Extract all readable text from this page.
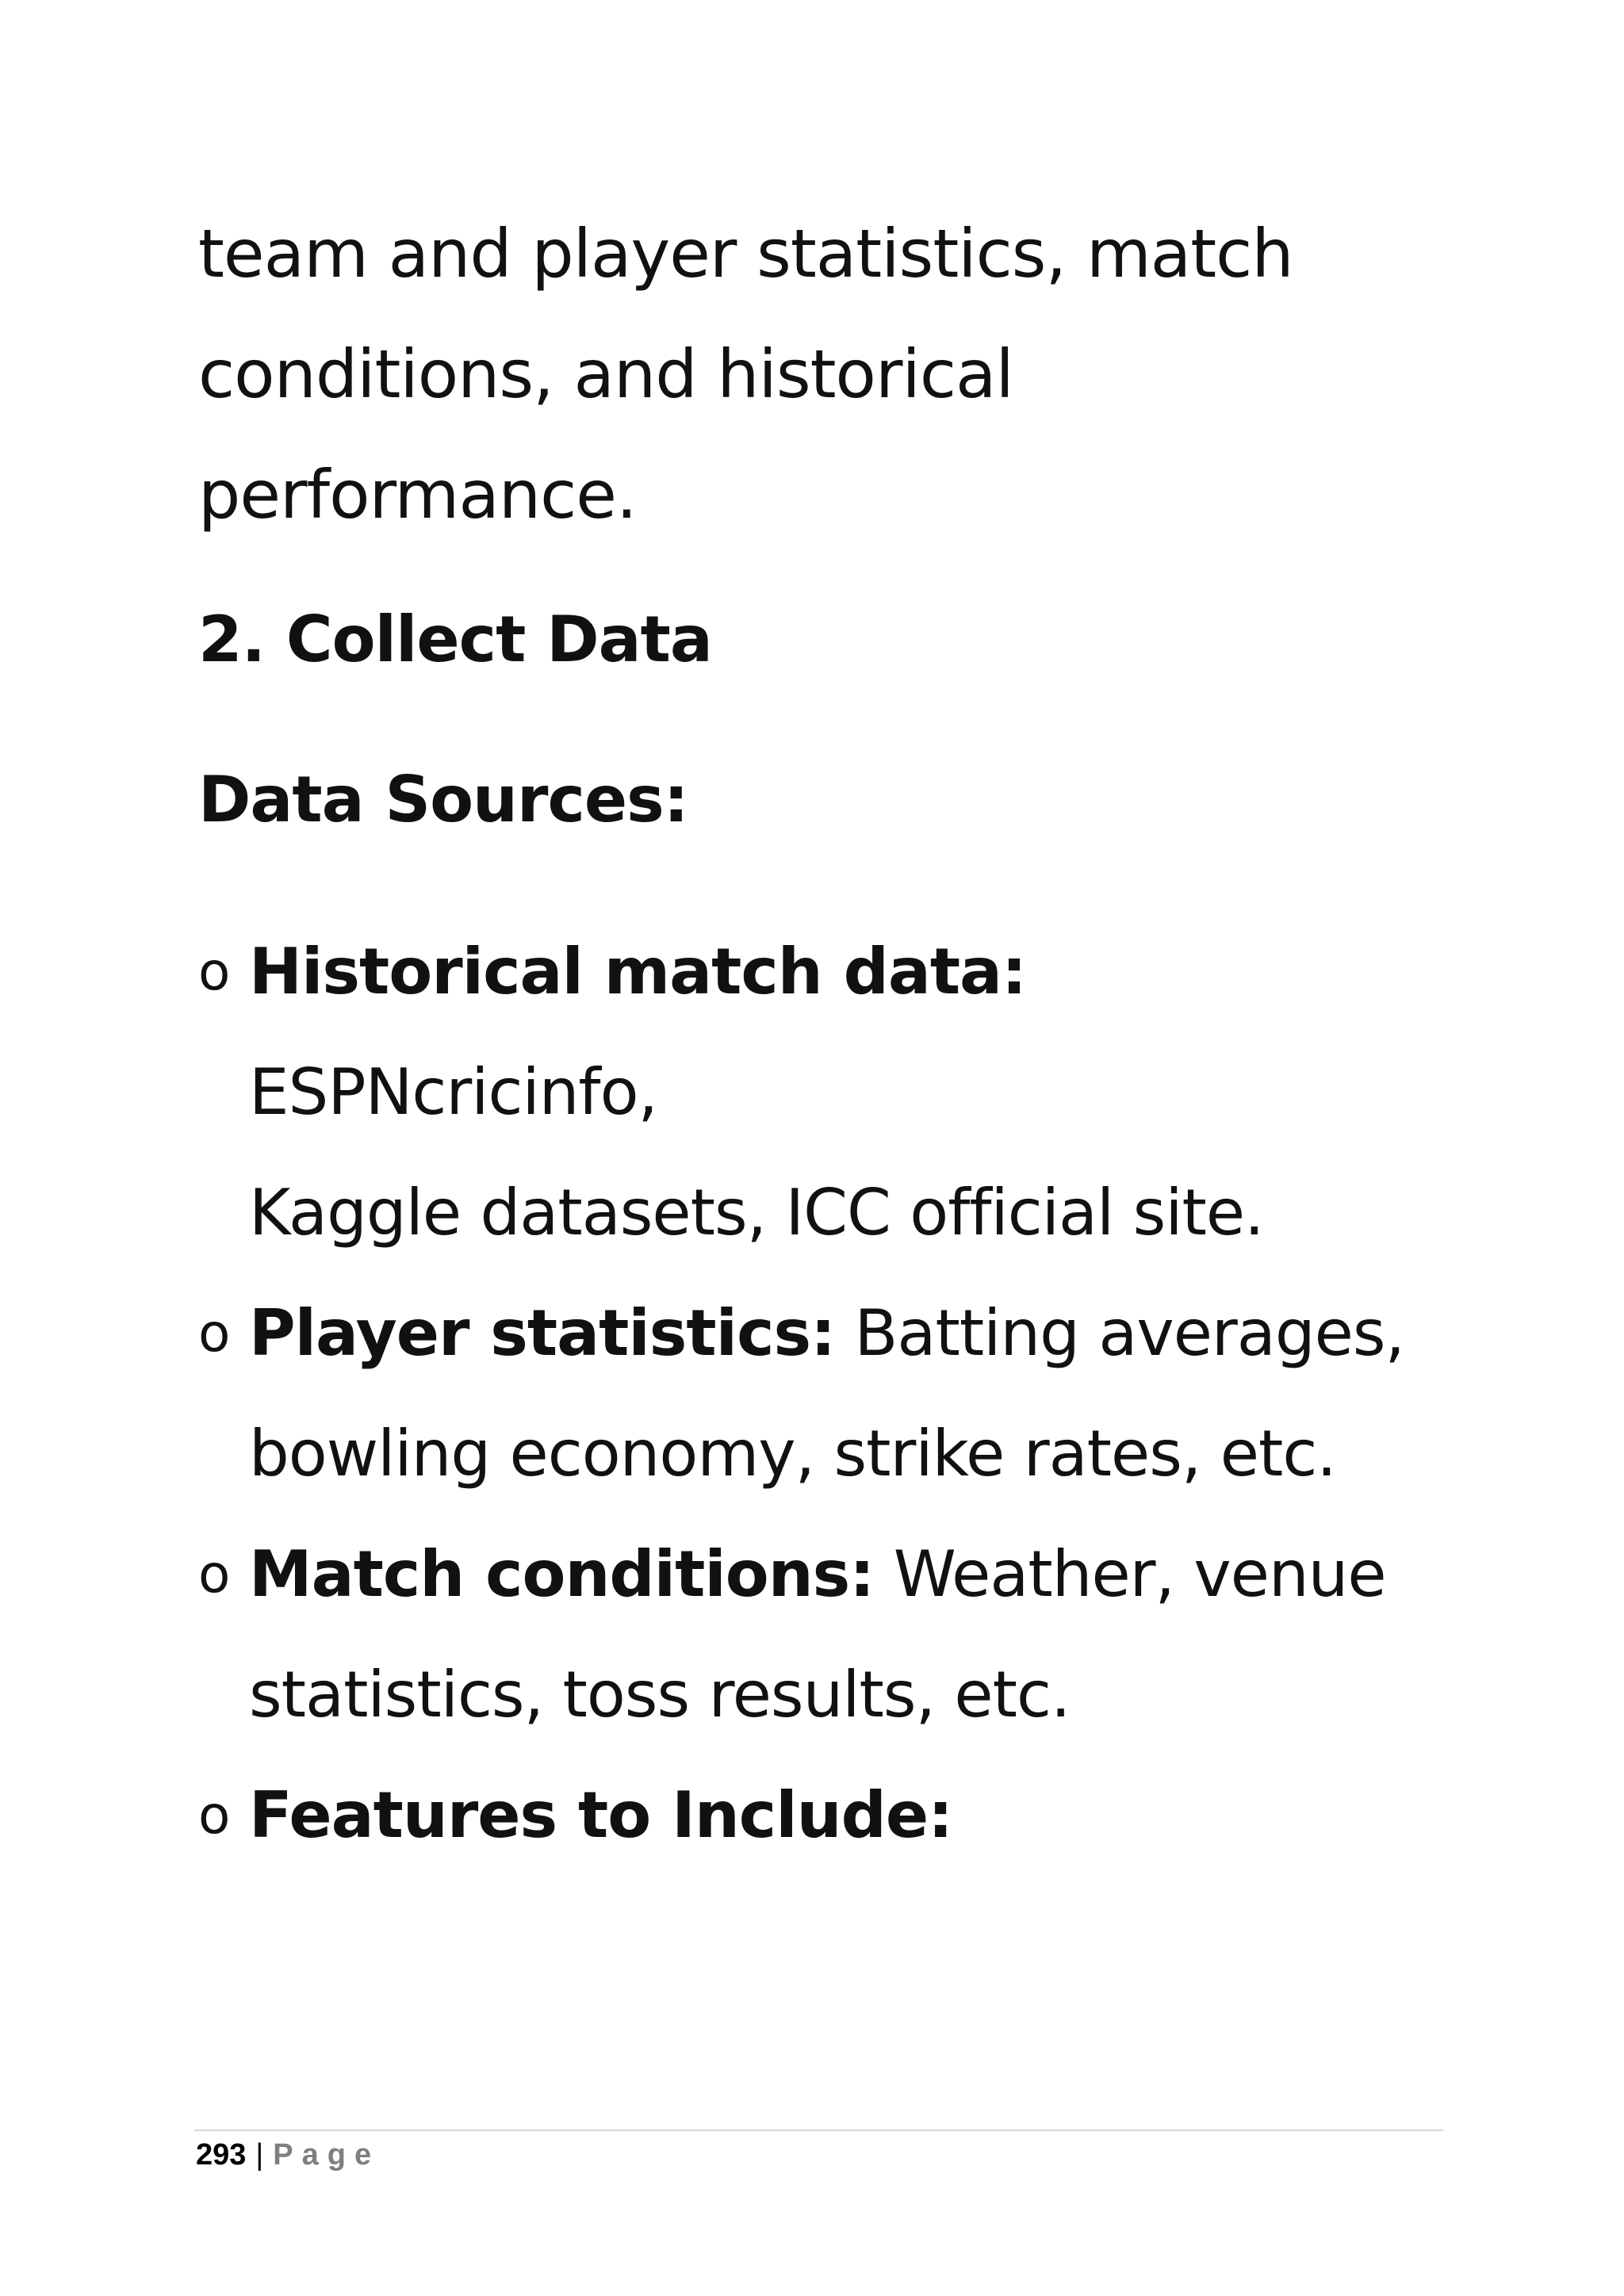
team and player statistics, match
conditions, and historical
performance.

2. Collect Data
Data Sources:
o Historical match data: ESPNcricinfo,
Kaggle datasets, ICC official site.
o Player statistics: Batting averages,
bowling economy, strike rates, etc.
o Match conditions: Weather, venue
statistics, toss results, etc.
o Features to Include:
293 | Page
